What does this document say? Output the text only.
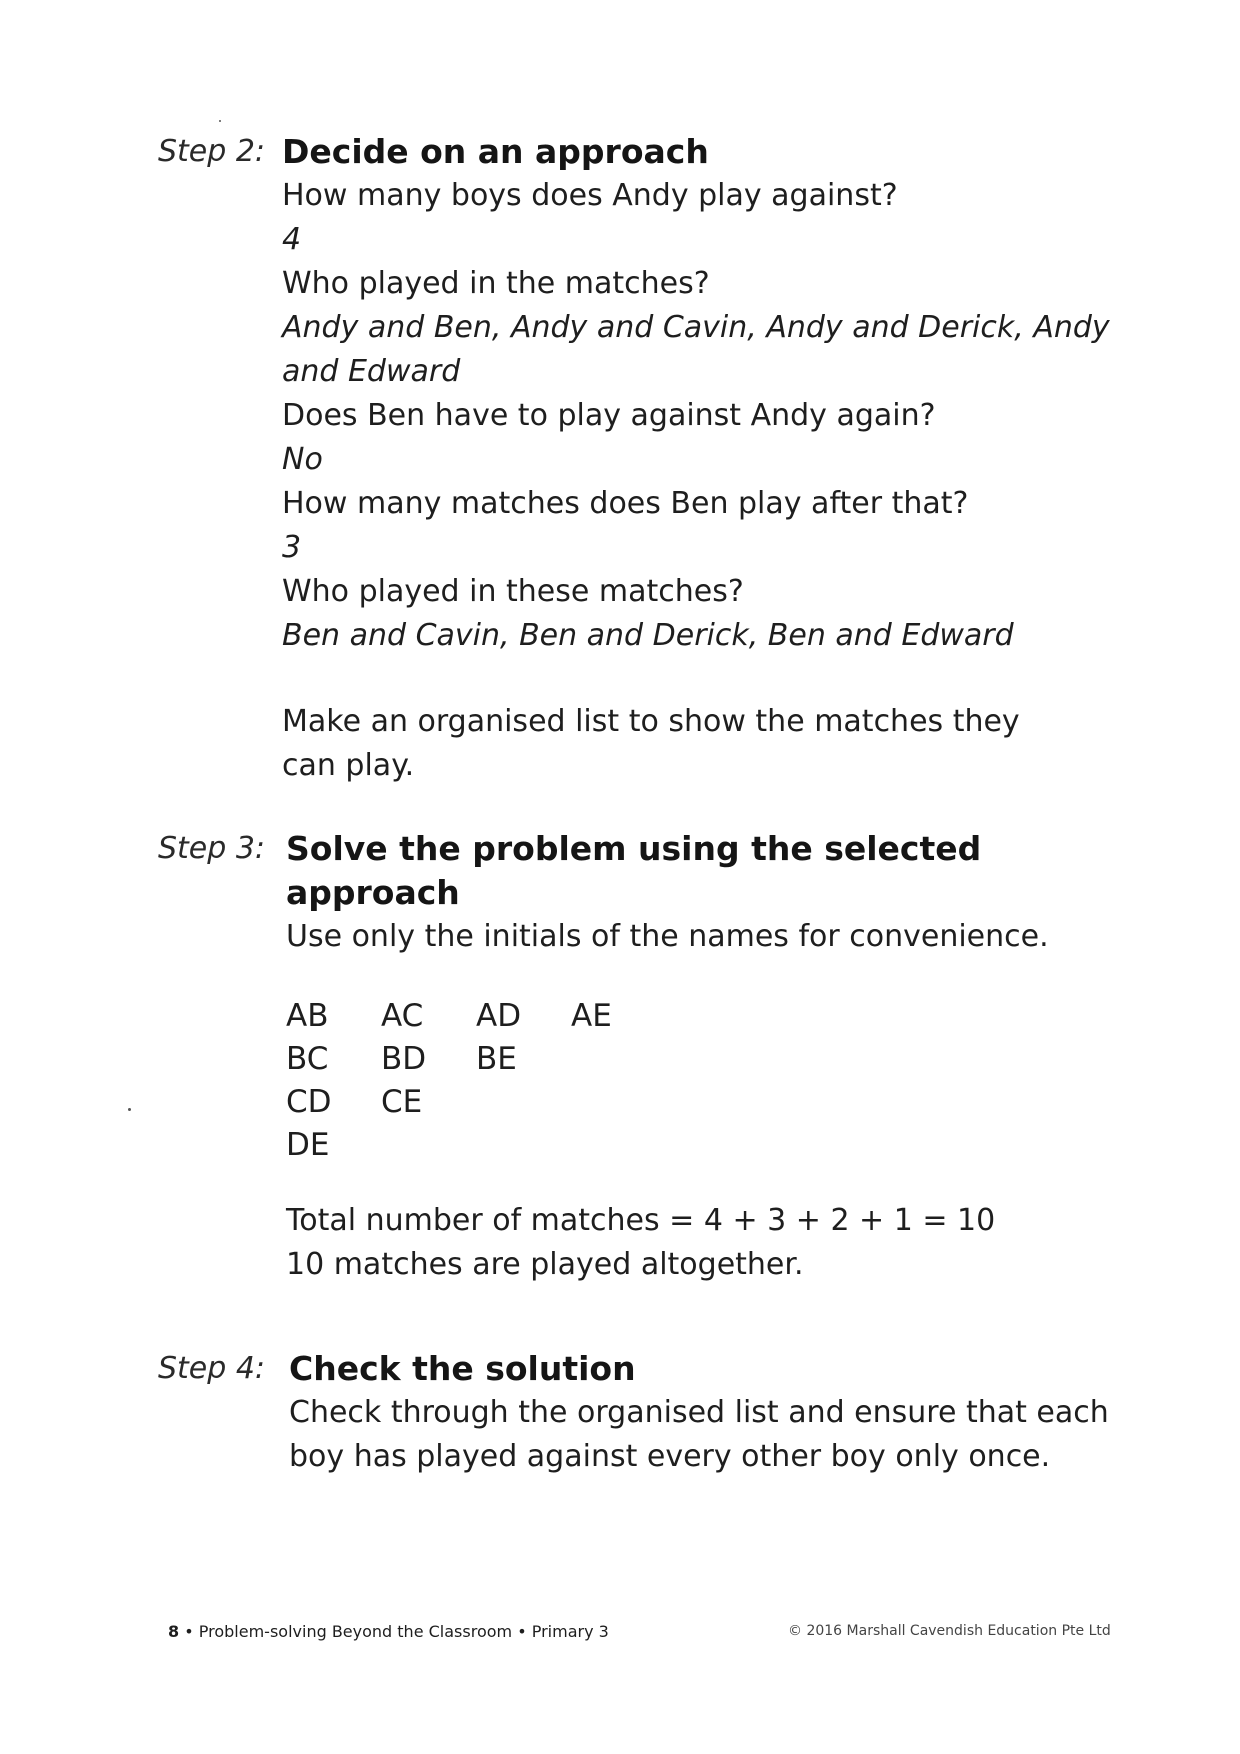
Step 2: Decide on an approach

How many boys does Andy play against?

4

Who played in the matches?

Andy and Ben, Andy and Cavin, Andy and Derick, Andy

and Edward

Does Ben have to play against Andy again?

No

How many matches does Ben play after that?

3

Who played in these matches?

Ben and Cavin, Ben and Derick, Ben and Edward

Make an organised list to show the matches they

can play.

Step 3: Solve the problem using the selected

approach

Use only the initials of the names for convenience.

AB	AC	AD	AE
BC	BD	BE
CD	CE
DE

Total number of matches = 4 + 3 + 2 + 1 = 10

10 matches are played altogether.

Step 4: Check the solution

Check through the organised list and ensure that each

boy has played against every other boy only once.

8 • Problem-solving Beyond the Classroom • Primary 3	© 2016 Marshall Cavendish Education Pte Ltd
